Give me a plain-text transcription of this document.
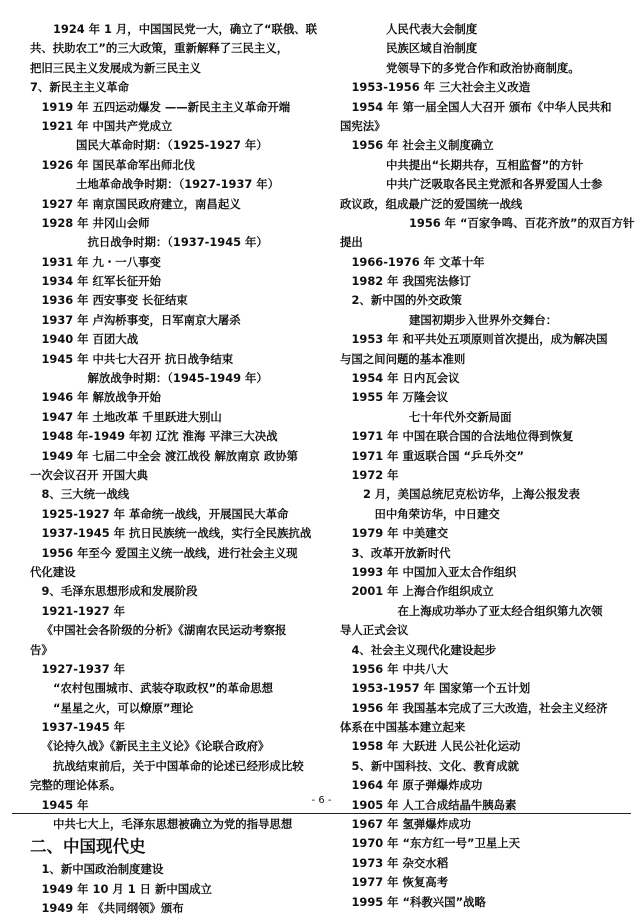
1924 年 1 月，中国国民党一大，确立了“联俄、联
共、扶助农工”的三大政策，重新解释了三民主义，
把旧三民主义发展成为新三民主义
7、新民主主义革命
1919 年 五四运动爆发 ——新民主主义革命开端
1921 年 中国共产党成立
国民大革命时期：（1925-1927 年）
1926 年 国民革命军出师北伐
土地革命战争时期：（1927-1937 年）
1927 年 南京国民政府建立，南昌起义
1928 年 井冈山会师
抗日战争时期：（1937-1945 年）
1931 年 九・一八事变
1934 年 红军长征开始
1936 年 西安事变 长征结束
1937 年 卢沟桥事变，日军南京大屠杀
1940 年 百团大战
1945 年 中共七大召开 抗日战争结束
解放战争时期：（1945-1949 年）
1946 年 解放战争开始
1947 年 土地改革 千里跃进大别山
1948 年-1949 年初 辽沈 淮海 平津三大决战
1949 年 七届二中全会 渡江战役 解放南京 政协第
一次会议召开 开国大典
8、三大统一战线
1925-1927 年 革命统一战线，开展国民大革命
1937-1945 年 抗日民族统一战线，实行全民族抗战
1956 年至今 爱国主义统一战线，进行社会主义现
代化建设
9、毛泽东思想形成和发展阶段
1921-1927 年
《中国社会各阶级的分析》《湖南农民运动考察报
告》
1927-1937 年
“农村包围城市、武装夺取政权”的革命思想
“星星之火，可以燎原”理论
1937-1945 年
《论持久战》《新民主主义论》《论联合政府》
抗战结束前后，关于中国革命的论述已经形成比较
完整的理论体系。
1945 年
中共七大上，毛泽东思想被确立为党的指导思想
二、中国现代史
1、新中国政治制度建设
1949 年 10 月 1 日 新中国成立
1949 年 《共同纲领》颁布
人民代表大会制度
民族区域自治制度
党领导下的多党合作和政治协商制度。
1953-1956 年 三大社会主义改造
1954 年 第一届全国人大召开 颁布《中华人民共和
国宪法》
1956 年 社会主义制度确立
中共提出“长期共存，互相监督”的方针
中共广泛吸取各民主党派和各界爱国人士参
政议政，组成最广泛的爱国统一战线
1956 年 “百家争鸣、百花齐放”的双百方针
提出
1966-1976 年 文革十年
1982 年 我国宪法修订
2、新中国的外交政策
建国初期步入世界外交舞台：
1953 年 和平共处五项原则首次提出，成为解决国
与国之间问题的基本准则
1954 年 日内瓦会议
1955 年 万隆会议
七十年代外交新局面
1971 年 中国在联合国的合法地位得到恢复
1971 年 重返联合国 “乒乓外交”
1972 年
2 月，美国总统尼克松访华，上海公报发表
田中角荣访华，中日建交
1979 年 中美建交
3、改革开放新时代
1993 年 中国加入亚太合作组织
2001 年 上海合作组织成立
在上海成功举办了亚太经合组织第九次领
导人正式会议
4、社会主义现代化建设起步
1956 年 中共八大
1953-1957 年 国家第一个五计划
1956 年 我国基本完成了三大改造，社会主义经济
体系在中国基本建立起来
1958 年 大跃进 人民公社化运动
5、新中国科技、文化、教育成就
1964 年 原子弹爆炸成功
1905 年 人工合成结晶牛胰岛素
1967 年 氢弹爆炸成功
1970 年 “东方红一号”卫星上天
1973 年 杂交水稻
1977 年 恢复高考
1995 年 “科教兴国”战略
- 6 -
